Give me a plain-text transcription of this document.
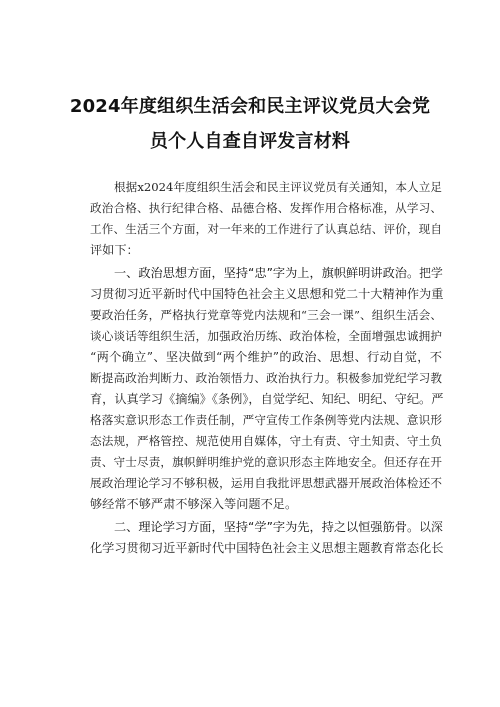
2024年度组织生活会和民主评议党员大会党
员个人自查自评发言材料
根据x2024年度组织生活会和民主评议党员有关通知，本人立足
政治合格、执行纪律合格、品德合格、发挥作用合格标准，从学习、
工作、生活三个方面，对一年来的工作进行了认真总结、评价，现自
评如下：
一、政治思想方面，坚持“忠”字为上，旗帜鲜明讲政治。把学
习贯彻习近平新时代中国特色社会主义思想和党二十大精神作为重
要政治任务，严格执行党章等党内法规和“三会一课”、组织生活会、
谈心谈话等组织生活，加强政治历练、政治体检，全面增强忠诚拥护
“两个确立”、坚决做到“两个维护”的政治、思想、行动自觉，不
断提高政治判断力、政治领悟力、政治执行力。积极参加党纪学习教
育，认真学习《摘编》《条例》，自觉学纪、知纪、明纪、守纪。严
格落实意识形态工作责任制，严守宣传工作条例等党内法规、意识形
态法规，严格管控、规范使用自媒体，守土有责、守土知责、守土负
责、守士尽责，旗帜鲜明维护党的意识形态主阵地安全。但还存在开
展政治理论学习不够积极，运用自我批评思想武器开展政治体检还不
够经常不够严肃不够深入等问题不足。
二、理论学习方面，坚持“学”字为先，持之以恒强筋骨。以深
化学习贯彻习近平新时代中国特色社会主义思想主题教育常态化长
